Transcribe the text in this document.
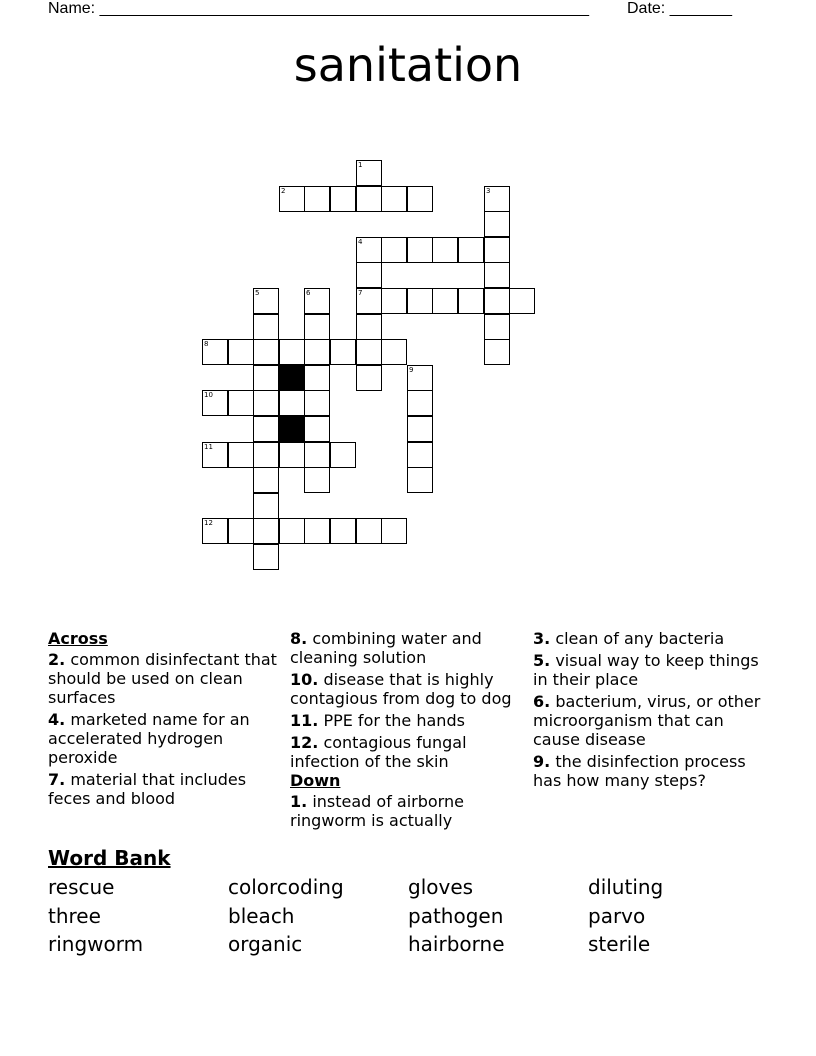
Name: _______________________________________________________ Date: _______
sanitation
1
2	3
4
5	6	7
8
9
10
11
12
Across
2. common disinfectant that should be used on clean surfaces
4. marketed name for an accelerated hydrogen peroxide
7. material that includes feces and blood
8. combining water and cleaning solution
10. disease that is highly contagious from dog to dog
11. PPE for the hands
12. contagious fungal infection of the skin
Down
1. instead of airborne ringworm is actually
3. clean of any bacteria
5. visual way to keep things in their place
6. bacterium, virus, or other microorganism that can cause disease
9. the disinfection process has how many steps?
Word Bank
rescue	colorcoding	gloves	diluting
three	bleach	pathogen	parvo
ringworm	organic	hairborne	sterile
